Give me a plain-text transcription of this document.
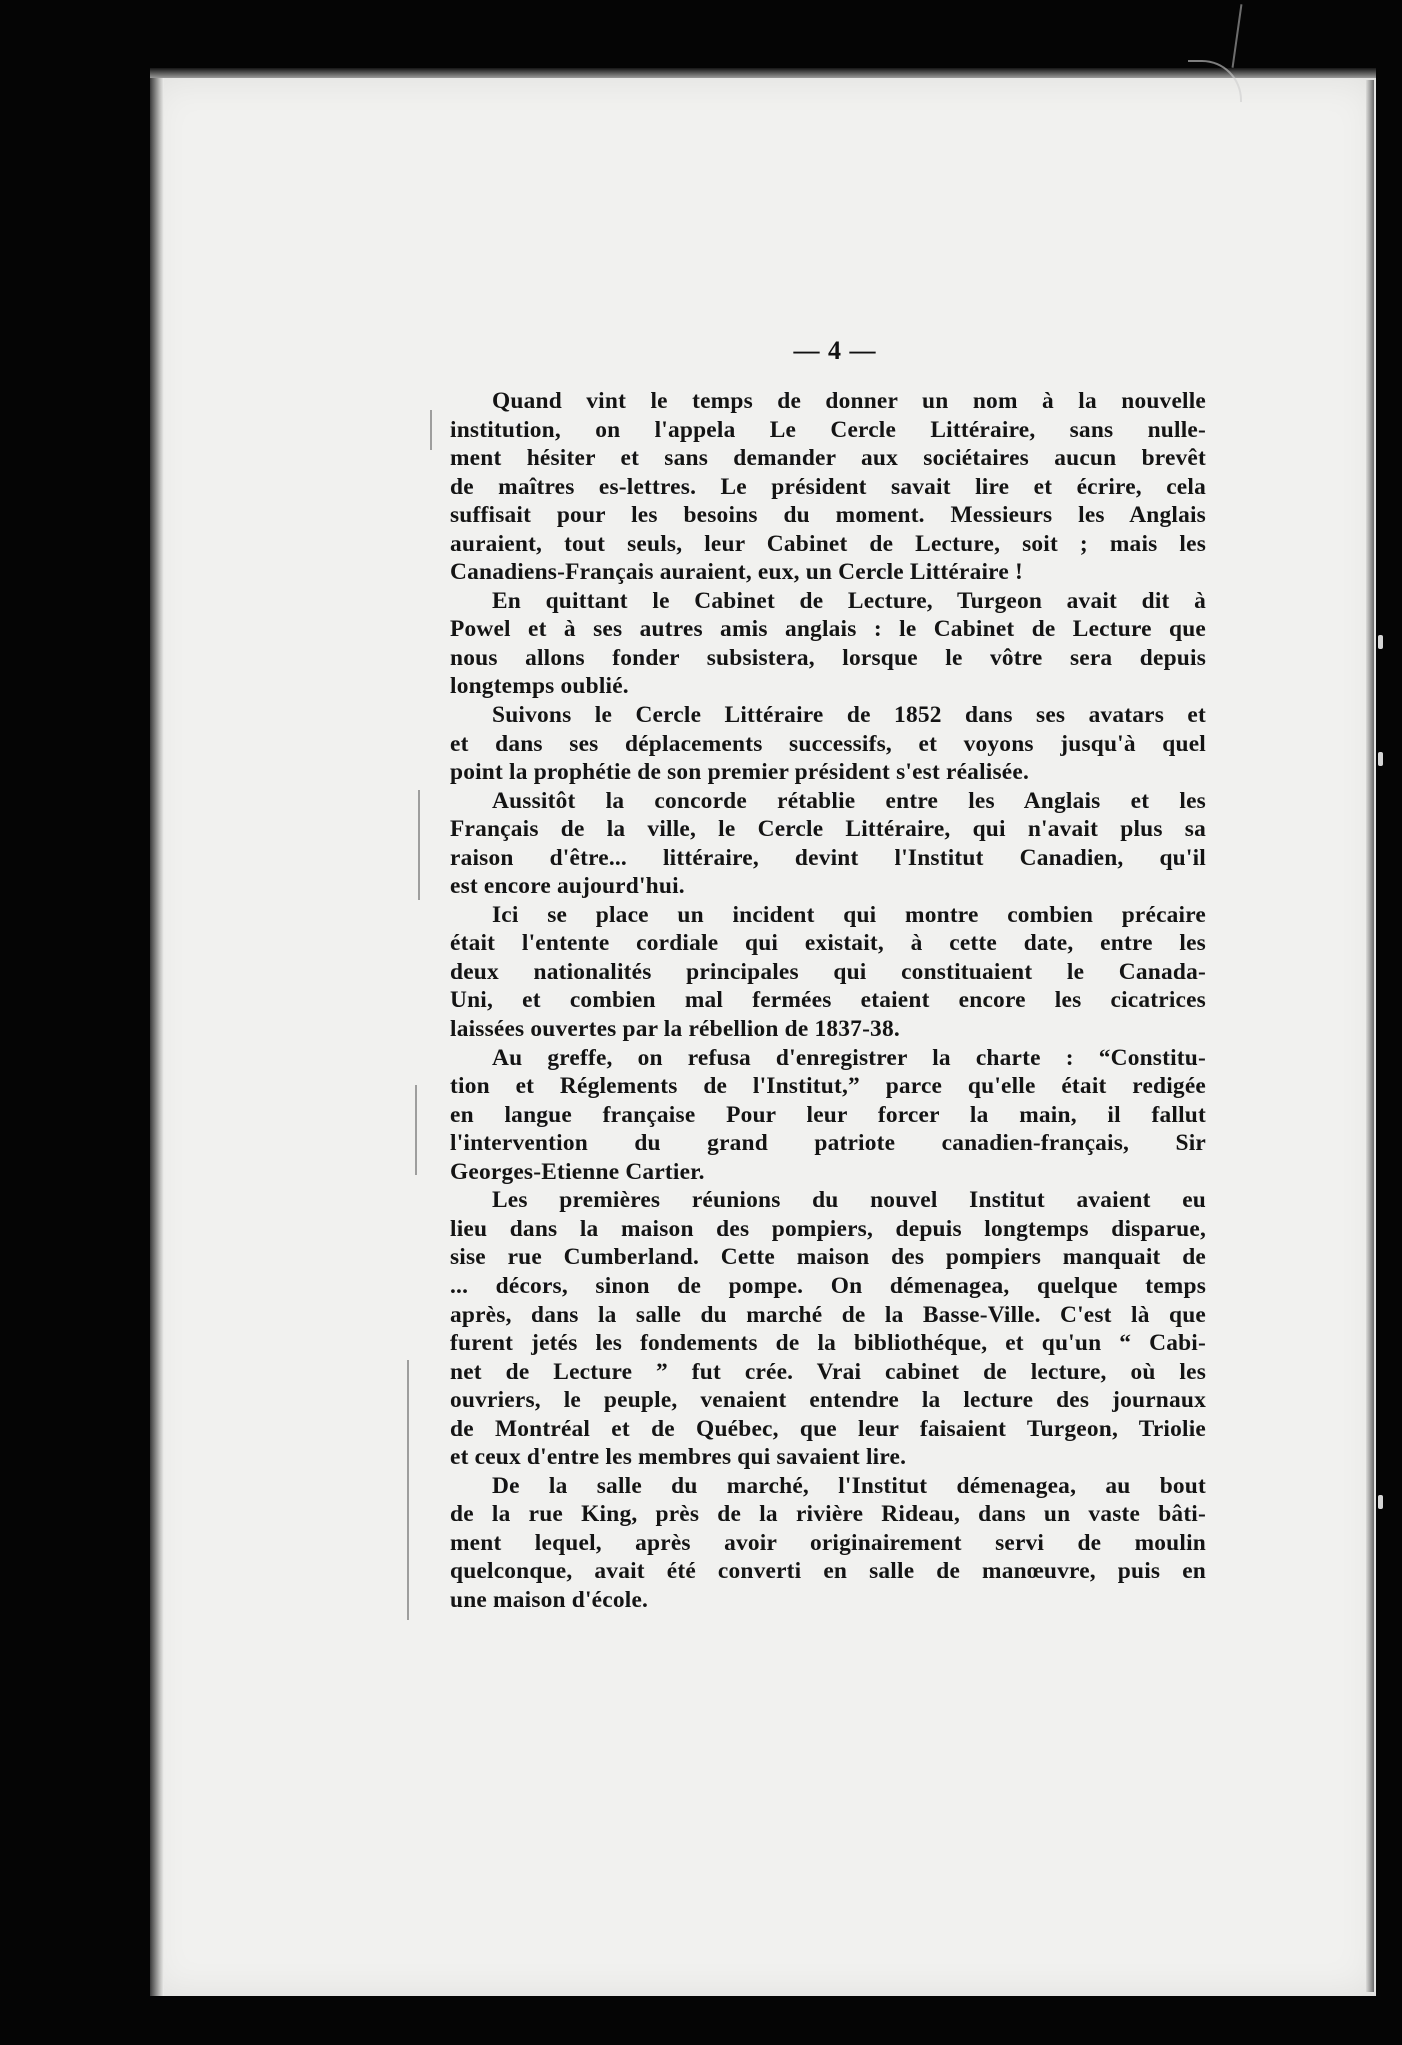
— 4 —
Quand vint le temps de donner un nom à la nouvelle
institution, on l'appela Le Cercle Littéraire, sans nulle-
ment hésiter et sans demander aux sociétaires aucun brevêt
de maîtres es-lettres. Le président savait lire et écrire, cela
suffisait pour les besoins du moment. Messieurs les Anglais
auraient, tout seuls, leur Cabinet de Lecture, soit ; mais les
Canadiens-Français auraient, eux, un Cercle Littéraire !
En quittant le Cabinet de Lecture, Turgeon avait dit à
Powel et à ses autres amis anglais : le Cabinet de Lecture que
nous allons fonder subsistera, lorsque le vôtre sera depuis
longtemps oublié.
Suivons le Cercle Littéraire de 1852 dans ses avatars et
et dans ses déplacements successifs, et voyons jusqu'à quel
point la prophétie de son premier président s'est réalisée.
Aussitôt la concorde rétablie entre les Anglais et les
Français de la ville, le Cercle Littéraire, qui n'avait plus sa
raison d'être... littéraire, devint l'Institut Canadien, qu'il
est encore aujourd'hui.
Ici se place un incident qui montre combien précaire
était l'entente cordiale qui existait, à cette date, entre les
deux nationalités principales qui constituaient le Canada-
Uni, et combien mal fermées etaient encore les cicatrices
laissées ouvertes par la rébellion de 1837-38.
Au greffe, on refusa d'enregistrer la charte : “Constitu-
tion et Réglements de l'Institut,” parce qu'elle était redigée
en langue française Pour leur forcer la main, il fallut
l'intervention du grand patriote canadien-français, Sir
Georges-Etienne Cartier.
Les premières réunions du nouvel Institut avaient eu
lieu dans la maison des pompiers, depuis longtemps disparue,
sise rue Cumberland. Cette maison des pompiers manquait de
... décors, sinon de pompe. On démenagea, quelque temps
après, dans la salle du marché de la Basse-Ville. C'est là que
furent jetés les fondements de la bibliothéque, et qu'un “ Cabi-
net de Lecture ” fut crée. Vrai cabinet de lecture, où les
ouvriers, le peuple, venaient entendre la lecture des journaux
de Montréal et de Québec, que leur faisaient Turgeon, Triolie
et ceux d'entre les membres qui savaient lire.
De la salle du marché, l'Institut démenagea, au bout
de la rue King, près de la rivière Rideau, dans un vaste bâti-
ment lequel, après avoir originairement servi de moulin
quelconque, avait été converti en salle de manœuvre, puis en
une maison d'école.
